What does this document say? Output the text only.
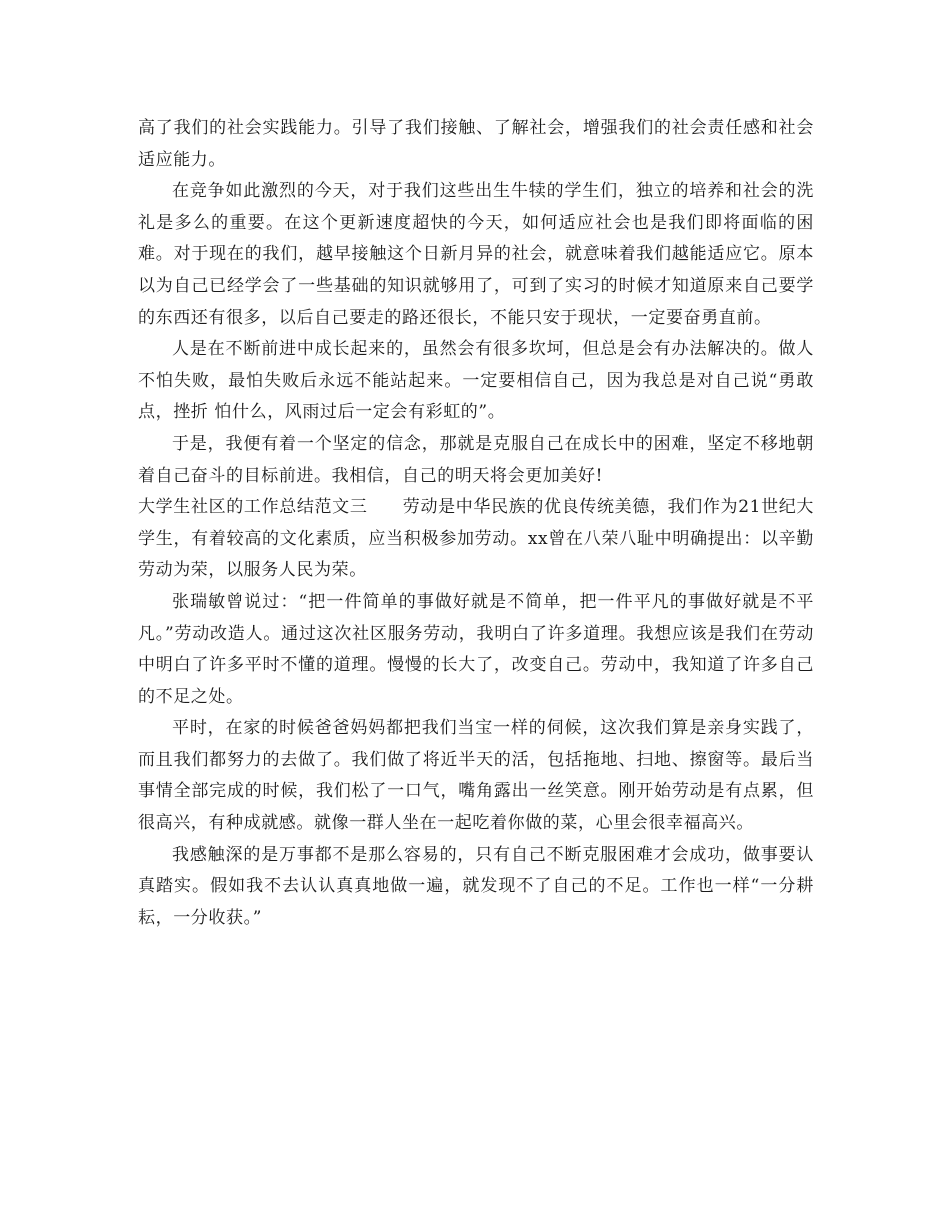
高了我们的社会实践能力。引导了我们接触、了解社会，增强我们的社会责任感和社会适应能力。

在竞争如此激烈的今天，对于我们这些出生牛犊的学生们，独立的培养和社会的洗礼是多么的重要。在这个更新速度超快的今天，如何适应社会也是我们即将面临的困难。对于现在的我们，越早接触这个日新月异的社会，就意味着我们越能适应它。原本以为自己已经学会了一些基础的知识就够用了，可到了实习的时候才知道原来自己要学的东西还有很多，以后自己要走的路还很长，不能只安于现状，一定要奋勇直前。

人是在不断前进中成长起来的，虽然会有很多坎坷，但总是会有办法解决的。做人不怕失败，最怕失败后永远不能站起来。一定要相信自己，因为我总是对自己说“勇敢点，挫折 怕什么，风雨过后一定会有彩虹的”。

于是，我便有着一个坚定的信念，那就是克服自己在成长中的困难，坚定不移地朝着自己奋斗的目标前进。我相信，自己的明天将会更加美好!

大学生社区的工作总结范文三　　劳动是中华民族的优良传统美德，我们作为21世纪大学生，有着较高的文化素质，应当积极参加劳动。xx曾在八荣八耻中明确提出：以辛勤劳动为荣，以服务人民为荣。

张瑞敏曾说过：“把一件简单的事做好就是不简单，把一件平凡的事做好就是不平凡。”劳动改造人。通过这次社区服务劳动，我明白了许多道理。我想应该是我们在劳动中明白了许多平时不懂的道理。慢慢的长大了，改变自己。劳动中，我知道了许多自己的不足之处。

平时，在家的时候爸爸妈妈都把我们当宝一样的伺候，这次我们算是亲身实践了，而且我们都努力的去做了。我们做了将近半天的活，包括拖地、扫地、擦窗等。最后当事情全部完成的时候，我们松了一口气，嘴角露出一丝笑意。刚开始劳动是有点累，但很高兴，有种成就感。就像一群人坐在一起吃着你做的菜，心里会很幸福高兴。

我感触深的是万事都不是那么容易的，只有自己不断克服困难才会成功，做事要认真踏实。假如我不去认认真真地做一遍，就发现不了自己的不足。工作也一样“一分耕耘，一分收获。”
